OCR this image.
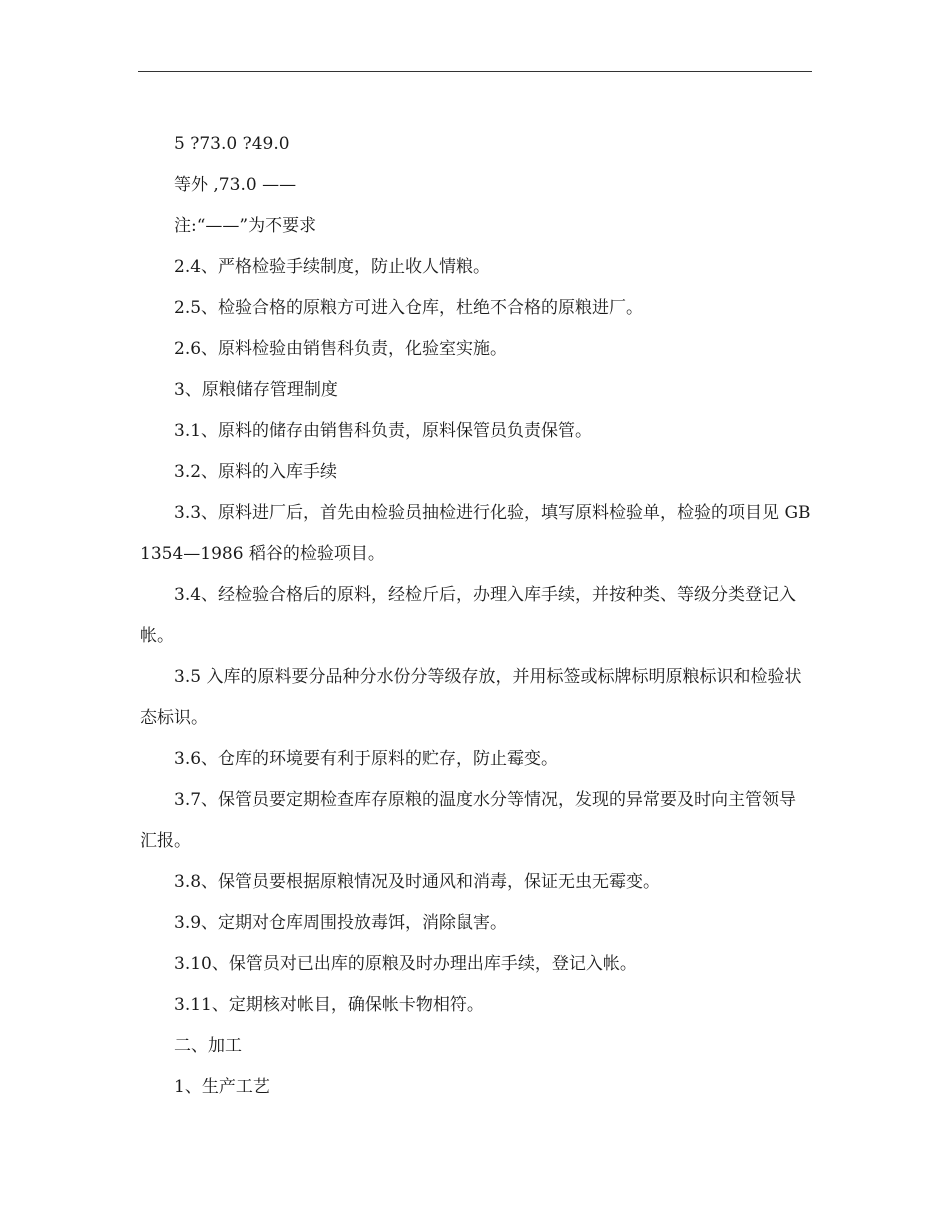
5 ?73.0 ?49.0

等外 ,73.0 ——

注:“——”为不要求

2.4、严格检验手续制度，防止收人情粮。

2.5、检验合格的原粮方可进入仓库，杜绝不合格的原粮进厂。

2.6、原料检验由销售科负责，化验室实施。

3、原粮储存管理制度

3.1、原料的储存由销售科负责，原料保管员负责保管。

3.2、原料的入库手续

3.3、原料进厂后，首先由检验员抽检进行化验，填写原料检验单，检验的项目见 GB1354—1986 稻谷的检验项目。

3.4、经检验合格后的原料，经检斤后，办理入库手续，并按种类、等级分类登记入帐。

3.5 入库的原料要分品种分水份分等级存放，并用标签或标牌标明原粮标识和检验状态标识。

3.6、仓库的环境要有利于原料的贮存，防止霉变。

3.7、保管员要定期检查库存原粮的温度水分等情况，发现的异常要及时向主管领导汇报。

3.8、保管员要根据原粮情况及时通风和消毒，保证无虫无霉变。

3.9、定期对仓库周围投放毒饵，消除鼠害。

3.10、保管员对已出库的原粮及时办理出库手续，登记入帐。

3.11、定期核对帐目，确保帐卡物相符。

二、加工

1、生产工艺
